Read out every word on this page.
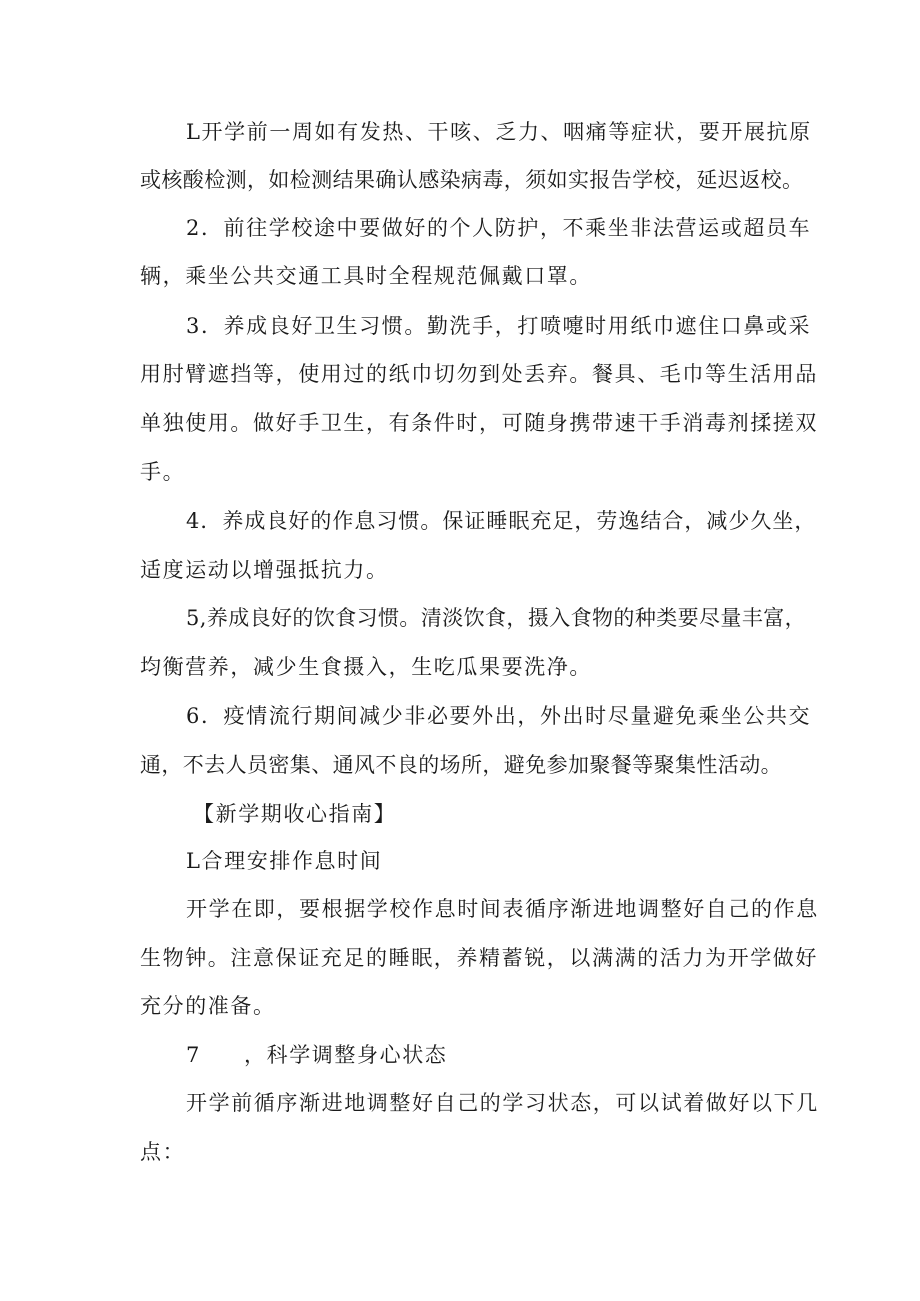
L开学前一周如有发热、干咳、乏力、咽痛等症状，要开展抗原
或核酸检测，如检测结果确认感染病毒，须如实报告学校，延迟返校。
2．前往学校途中要做好的个人防护，不乘坐非法营运或超员车
辆，乘坐公共交通工具时全程规范佩戴口罩。
3．养成良好卫生习惯。勤洗手，打喷嚏时用纸巾遮住口鼻或采
用肘臂遮挡等，使用过的纸巾切勿到处丢弃。餐具、毛巾等生活用品
单独使用。做好手卫生，有条件时，可随身携带速干手消毒剂揉搓双
手。
4．养成良好的作息习惯。保证睡眠充足，劳逸结合，减少久坐，
适度运动以增强抵抗力。
5,养成良好的饮食习惯。清淡饮食，摄入食物的种类要尽量丰富，
均衡营养，减少生食摄入，生吃瓜果要洗净。
6．疫情流行期间减少非必要外出，外出时尽量避免乘坐公共交
通，不去人员密集、通风不良的场所，避免参加聚餐等聚集性活动。
【新学期收心指南】
L合理安排作息时间
开学在即，要根据学校作息时间表循序渐进地调整好自己的作息
生物钟。注意保证充足的睡眠，养精蓄锐，以满满的活力为开学做好
充分的准备。
7 ，科学调整身心状态
开学前循序渐进地调整好自己的学习状态，可以试着做好以下几
点：
